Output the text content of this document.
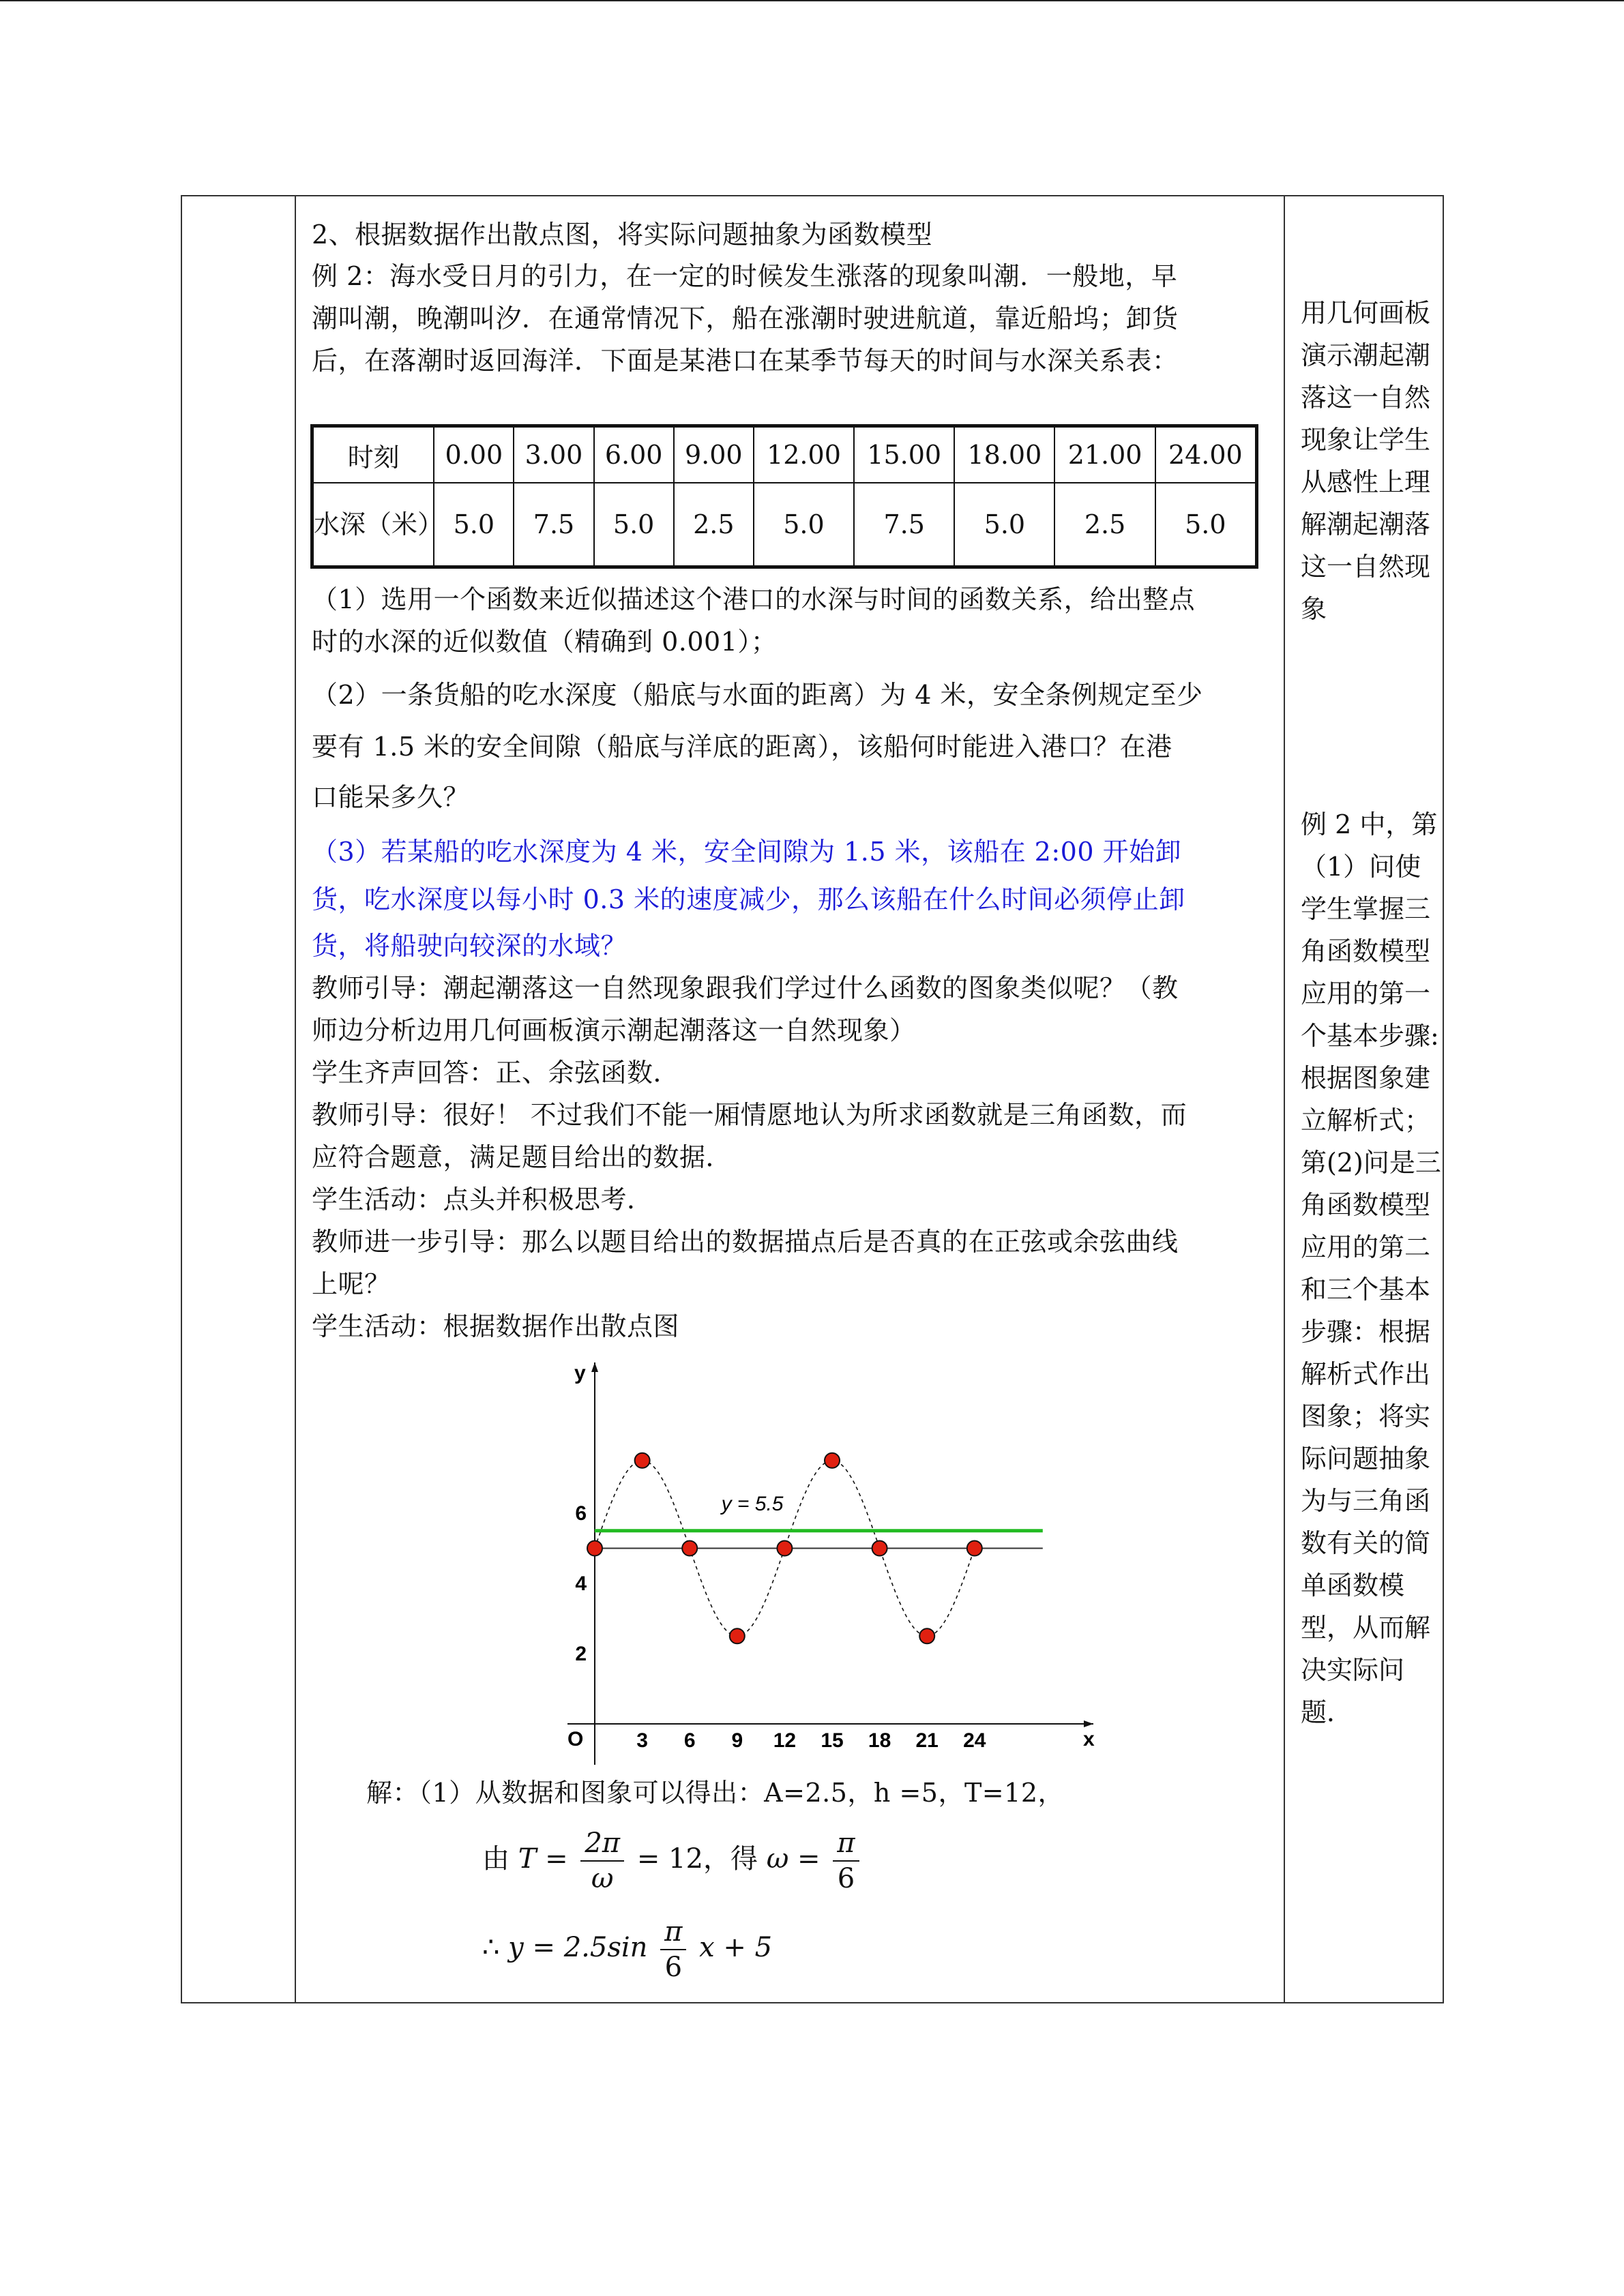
2、根据数据作出散点图，将实际问题抽象为函数模型
例 2：海水受日月的引力，在一定的时候发生涨落的现象叫潮．一般地，早
潮叫潮，晚潮叫汐．在通常情况下，船在涨潮时驶进航道，靠近船坞；卸货
后，在落潮时返回海洋．下面是某港口在某季节每天的时间与水深关系表：
时刻	0.00	3.00	6.00	9.00	12.00	15.00	18.00	21.00	24.00
水深（米）	5.0	7.5	5.0	2.5	5.0	7.5	5.0	2.5	5.0
（1）选用一个函数来近似描述这个港口的水深与时间的函数关系，给出整点
时的水深的近似数值（精确到 0.001）；
（2）一条货船的吃水深度（船底与水面的距离）为 4 米，安全条例规定至少
要有 1.5 米的安全间隙（船底与洋底的距离），该船何时能进入港口？在港
口能呆多久？
（3）若某船的吃水深度为 4 米，安全间隙为 1.5 米，该船在 2:00 开始卸
货，吃水深度以每小时 0.3 米的速度减少，那么该船在什么时间必须停止卸
货，将船驶向较深的水域？
教师引导：潮起潮落这一自然现象跟我们学过什么函数的图象类似呢？（教
师边分析边用几何画板演示潮起潮落这一自然现象）
学生齐声回答：正、余弦函数．
教师引导：很好！ 不过我们不能一厢情愿地认为所求函数就是三角函数，而
应符合题意，满足题目给出的数据．
学生活动：点头并积极思考．
教师进一步引导：那么以题目给出的数据描点后是否真的在正弦或余弦曲线
上呢？
学生活动：根据数据作出散点图
x
y
O	3 6 9 12 15 18 21 24
2
4
6	y = 5.5
解：（1）从数据和图象可以得出：A=2.5，h =5，T=12，
由 $T = \frac{2\pi}{\omega} = 12$，得 $\omega = \frac{\pi}{6}$
∴ $y = 2.5\sin \frac{\pi}{6}$ x + 5
用几何画板演示潮起潮落这一自然现象让学生从感性上理解潮起潮落这一自然现象
例 2 中，第（1）问使学生掌握三角函数模型应用的第一个基本步骤:根据图象建立解析式；第(2)问是三角函数模型应用的第二和三个基本步骤：根据解析式作出图象；将实际问题抽象为与三角函数有关的简单函数模型，从而解决实际问题．
